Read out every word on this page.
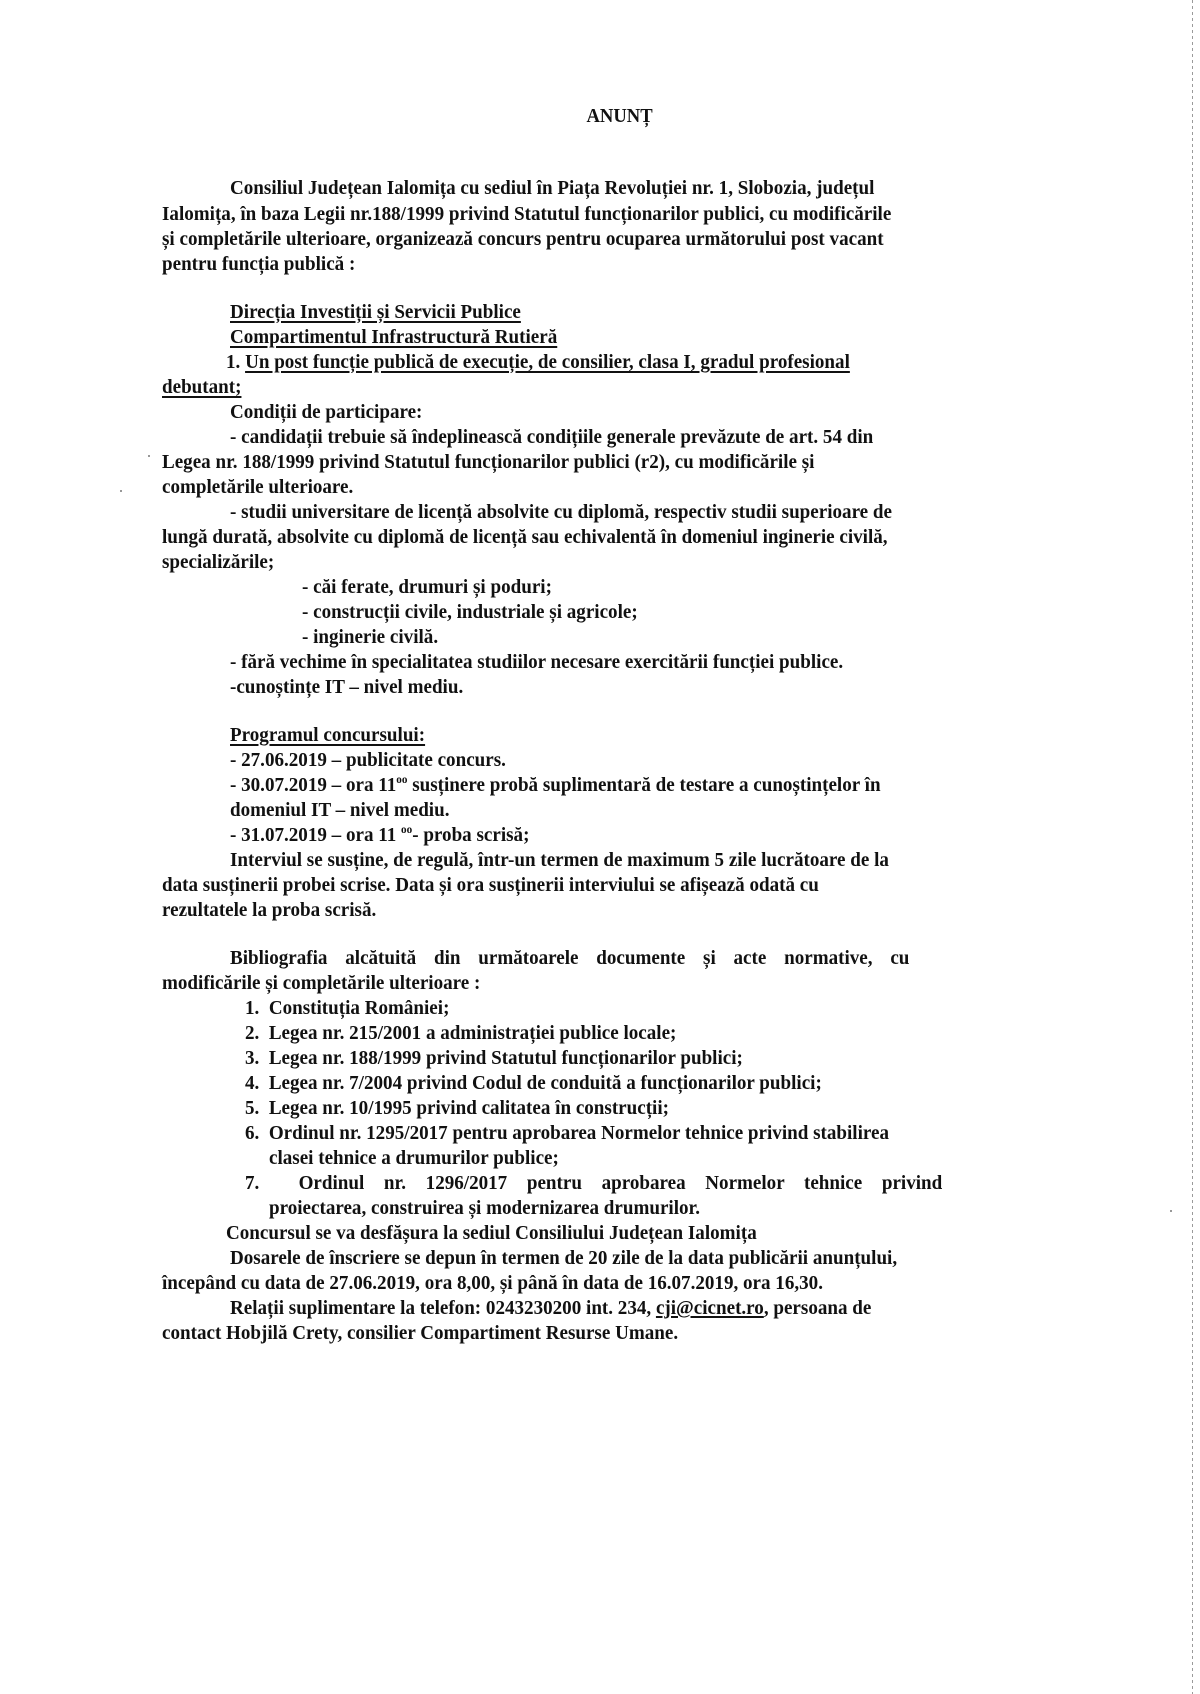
ANUNȚ
Consiliul Județean Ialomița cu sediul în Piața Revoluției nr. 1, Slobozia, județul
Ialomița, în baza Legii nr.188/1999 privind Statutul funcționarilor publici, cu modificările
și completările ulterioare, organizează concurs pentru ocuparea următorului post vacant
pentru funcția publică :
Direcția Investiții și Servicii Publice
Compartimentul Infrastructură Rutieră
1. Un post funcție publică de execuție, de consilier, clasa I, gradul profesional
debutant;
Condiții de participare:
- candidații trebuie să îndeplinească condițiile generale prevăzute de art. 54 din
Legea nr. 188/1999 privind Statutul funcționarilor publici (r2), cu modificările și
completările ulterioare.
- studii universitare de licență absolvite cu diplomă, respectiv studii superioare de
lungă durată, absolvite cu diplomă de licență sau echivalentă în domeniul inginerie civilă,
specializările;
- căi ferate, drumuri și poduri;
- construcții civile, industriale și agricole;
- inginerie civilă.
- fără vechime în specialitatea studiilor necesare exercitării funcției publice.
-cunoștințe IT – nivel mediu.
Programul concursului:
- 27.06.2019 – publicitate concurs.
- 30.07.2019 – ora $11^{oo}$ susținere probă suplimentară de testare a cunoștințelor în
domeniul IT – nivel mediu.
- 31.07.2019 – ora 11 $^{oo}$- proba scrisă;
Interviul se susține, de regulă, într-un termen de maximum 5 zile lucrătoare de la
data susținerii probei scrise. Data și ora susținerii interviului se afișează odată cu
rezultatele la proba scrisă.
Bibliografia alcătuită din următoarele documente și acte normative, cu
modificările și completările ulterioare :
1. Constituția României;
2. Legea nr. 215/2001 a administrației publice locale;
3. Legea nr. 188/1999 privind Statutul funcționarilor publici;
4. Legea nr. 7/2004 privind Codul de conduită a funcționarilor publici;
5. Legea nr. 10/1995 privind calitatea în construcții;
6. Ordinul nr. 1295/2017 pentru aprobarea Normelor tehnice privind stabilirea
clasei tehnice a drumurilor publice;
7. Ordinul nr. 1296/2017 pentru aprobarea Normelor tehnice privind
proiectarea, construirea și modernizarea drumurilor.
Concursul se va desfășura la sediul Consiliului Județean Ialomița
Dosarele de înscriere se depun în termen de 20 zile de la data publicării anunțului,
începând cu data de 27.06.2019, ora 8,00, și până în data de 16.07.2019, ora 16,30.
Relații suplimentare la telefon: 0243230200 int. 234, cji@cicnet.ro, persoana de
contact Hobjilă Crety, consilier Compartiment Resurse Umane.
